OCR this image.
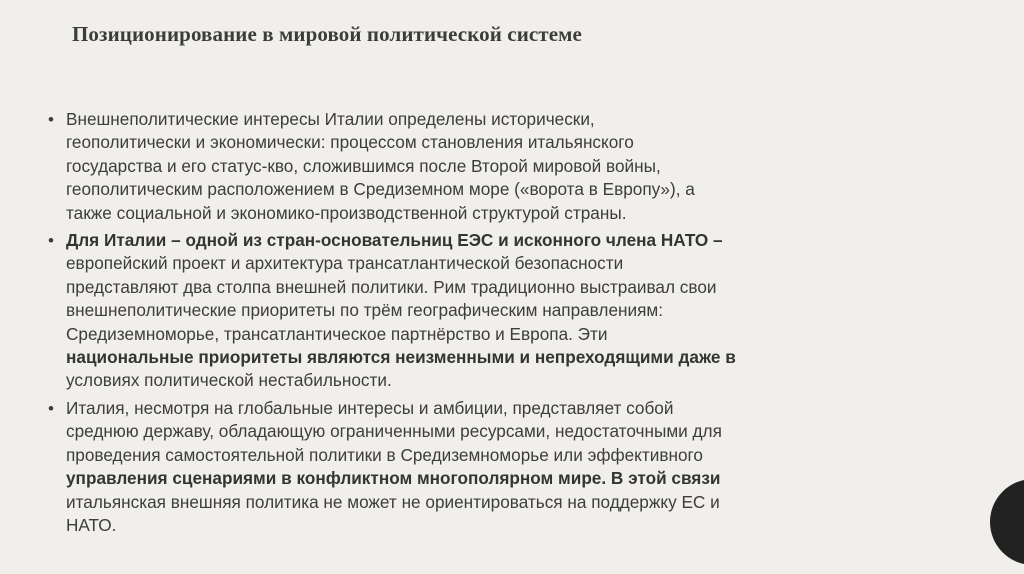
Позиционирование в мировой политической системе
• Внешнеполитические интересы Италии определены исторически,
геополитически и экономически: процессом становления итальянского
государства и его статус-кво, сложившимся после Второй мировой войны,
геополитическим расположением в Средиземном море («ворота в Европу»), а
также социальной и экономико-производственной структурой страны.
• Для Италии – одной из стран-основательниц ЕЭС и исконного члена НАТО –
европейский проект и архитектура трансатлантической безопасности
представляют два столпа внешней политики. Рим традиционно выстраивал свои
внешнеполитические приоритеты по трём географическим направлениям:
Средиземноморье, трансатлантическое партнёрство и Европа. Эти
национальные приоритеты являются неизменными и непреходящими даже в
условиях политической нестабильности.
• Италия, несмотря на глобальные интересы и амбиции, представляет собой
среднюю державу, обладающую ограниченными ресурсами, недостаточными для
проведения самостоятельной политики в Средиземноморье или эффективного
управления сценариями в конфликтном многополярном мире. В этой связи
итальянская внешняя политика не может не ориентироваться на поддержку ЕС и
НАТО.
